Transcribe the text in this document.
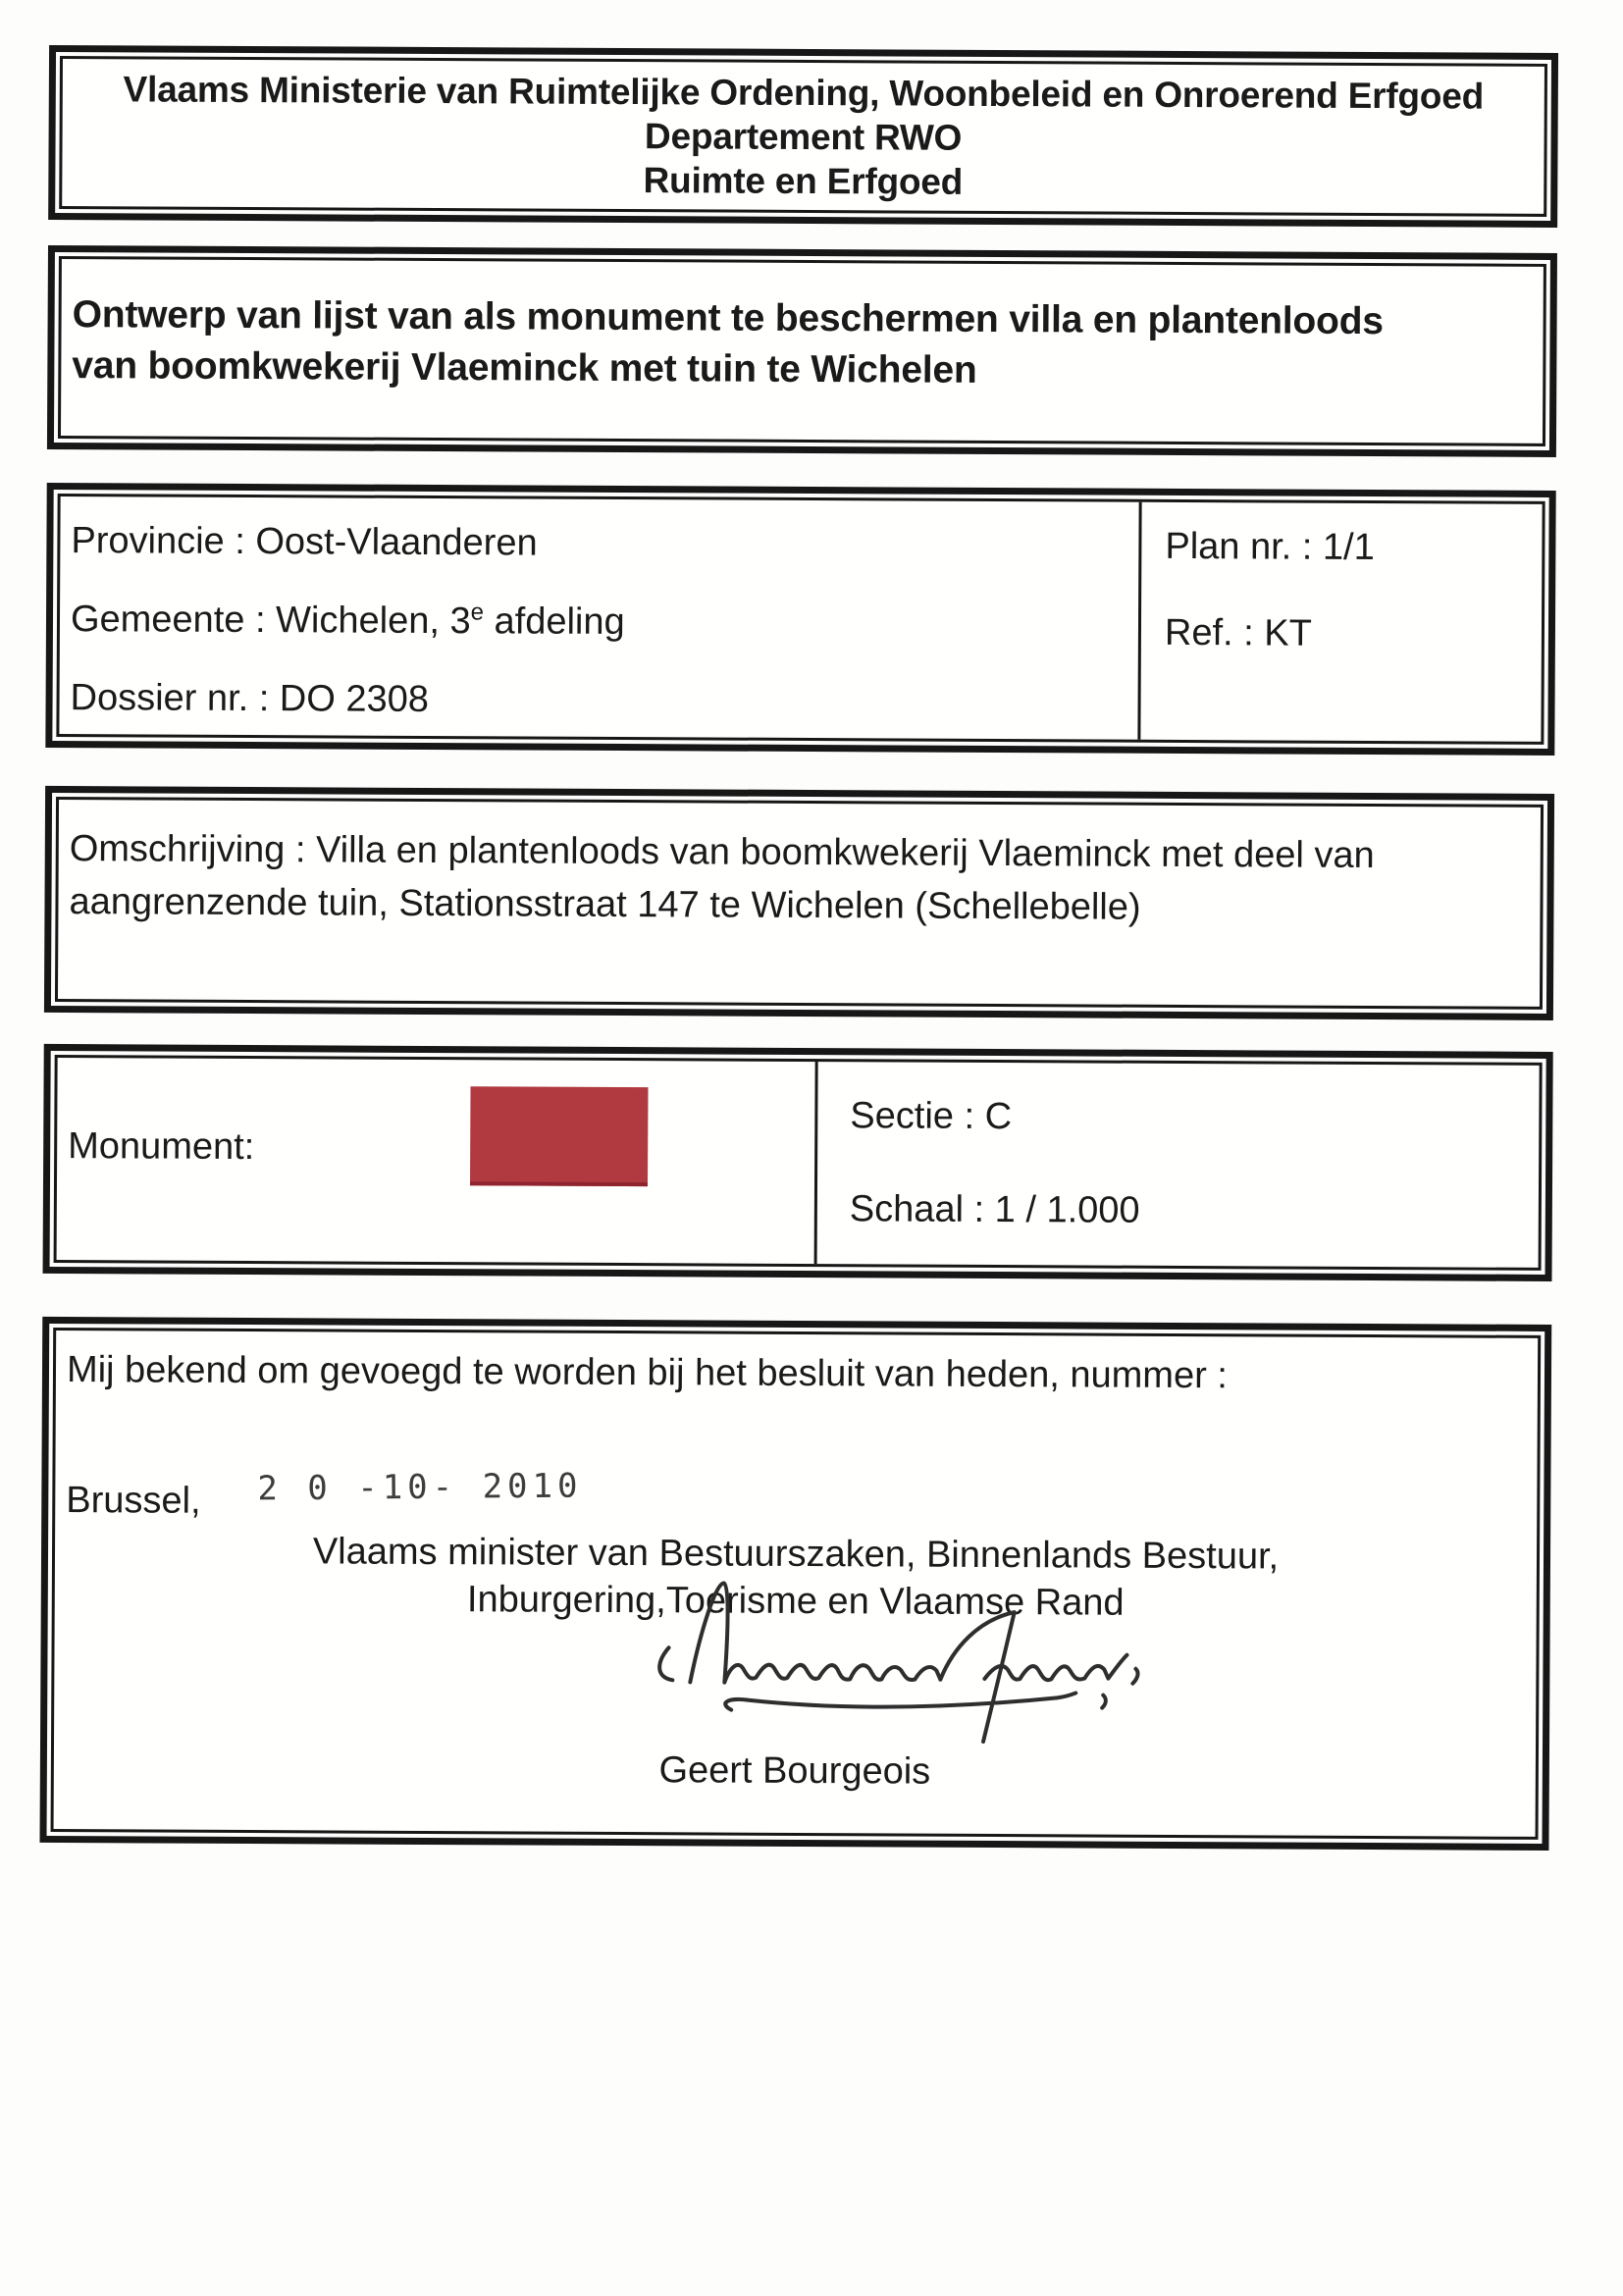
Vlaams Ministerie van Ruimtelijke Ordening, Woonbeleid en Onroerend Erfgoed
Departement RWO
Ruimte en Erfgoed
Ontwerp van lijst van als monument te beschermen villa en plantenloods
van boomkwekerij Vlaeminck met tuin te Wichelen
Provincie : Oost-Vlaanderen
Gemeente : Wichelen, 3e afdeling
Dossier nr. : DO 2308
Plan nr. : 1/1
Ref. : KT
Omschrijving : Villa en plantenloods van boomkwekerij Vlaeminck met deel van
aangrenzende tuin, Stationsstraat 147 te Wichelen (Schellebelle)
Monument:
Sectie : C
Schaal : 1 / 1.000
Mij bekend om gevoegd te worden bij het besluit van heden, nummer :
Brussel, 2 0 -10- 2010
Vlaams minister van Bestuurszaken, Binnenlands Bestuur,
Inburgering,Toerisme en Vlaamse Rand
Geert Bourgeois
